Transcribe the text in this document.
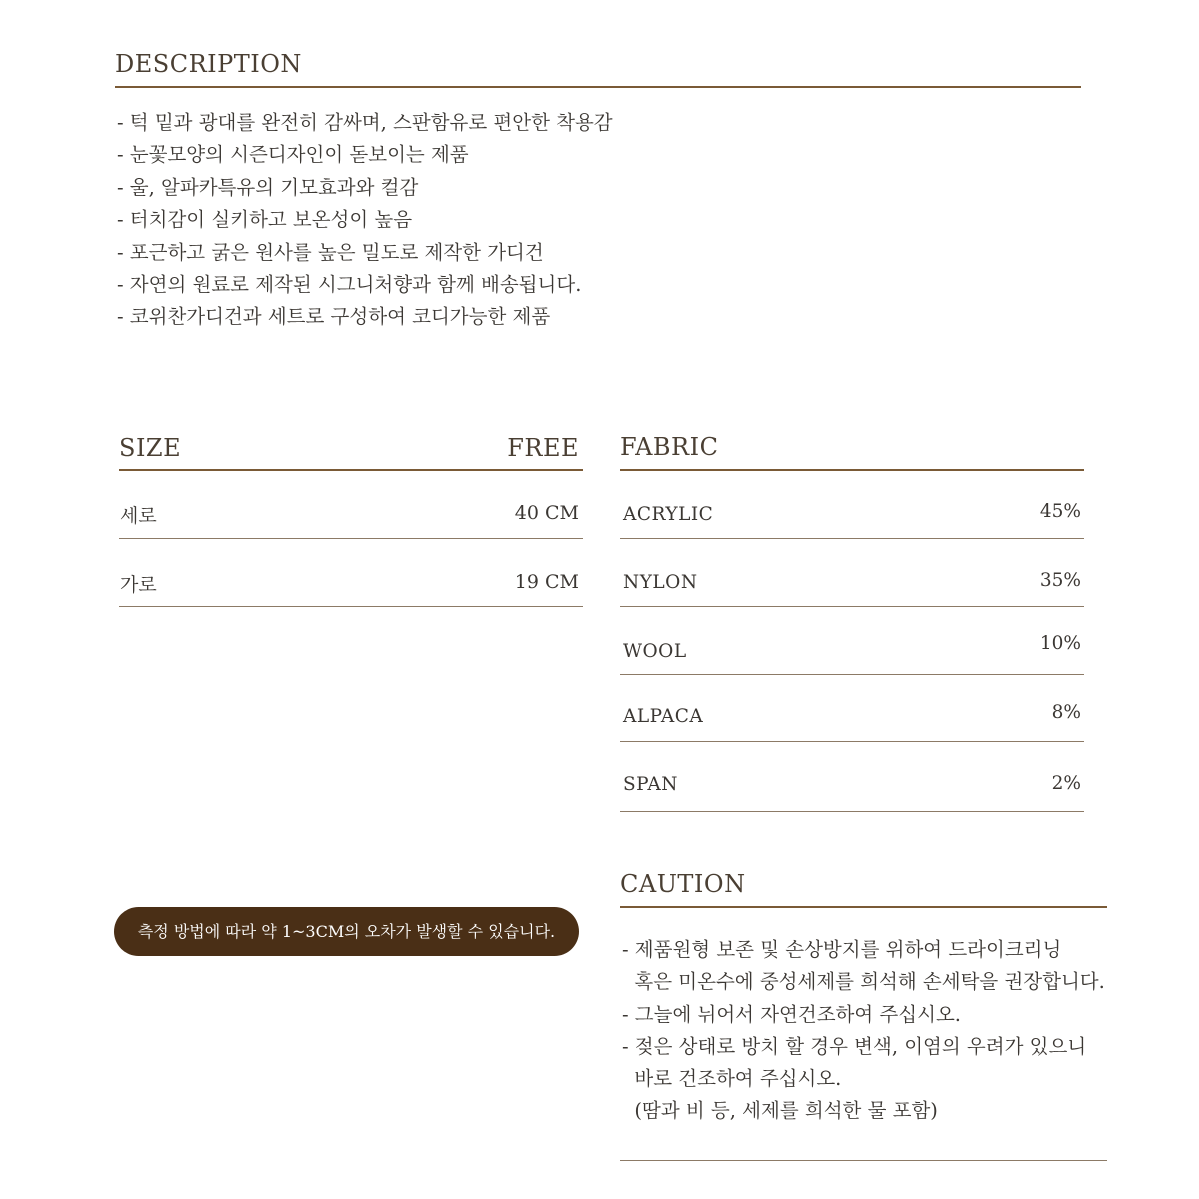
DESCRIPTION
- 턱 밑과 광대를 완전히 감싸며, 스판함유로 편안한 착용감
- 눈꽃모양의 시즌디자인이 돋보이는 제품
- 울, 알파카특유의 기모효과와 컬감
- 터치감이 실키하고 보온성이 높음
- 포근하고 굵은 원사를 높은 밀도로 제작한 가디건
- 자연의 원료로 제작된 시그니처향과 함께 배송됩니다.
- 코위찬가디건과 세트로 구성하여 코디가능한 제품
SIZE	FREE
세로	40 CM
가로	19 CM
측정 방법에 따라 약 1~3CM의 오차가 발생할 수 있습니다.
FABRIC
ACRYLIC	45%
NYLON	35%
WOOL	10%
ALPACA	8%
SPAN	2%
CAUTION
- 제품원형 보존 및 손상방지를 위하여 드라이크리닝
혹은 미온수에 중성세제를 희석해 손세탁을 권장합니다.
- 그늘에 뉘어서 자연건조하여 주십시오.
- 젖은 상태로 방치 할 경우 변색, 이염의 우려가 있으니
바로 건조하여 주십시오.
(땀과 비 등, 세제를 희석한 물 포함)
